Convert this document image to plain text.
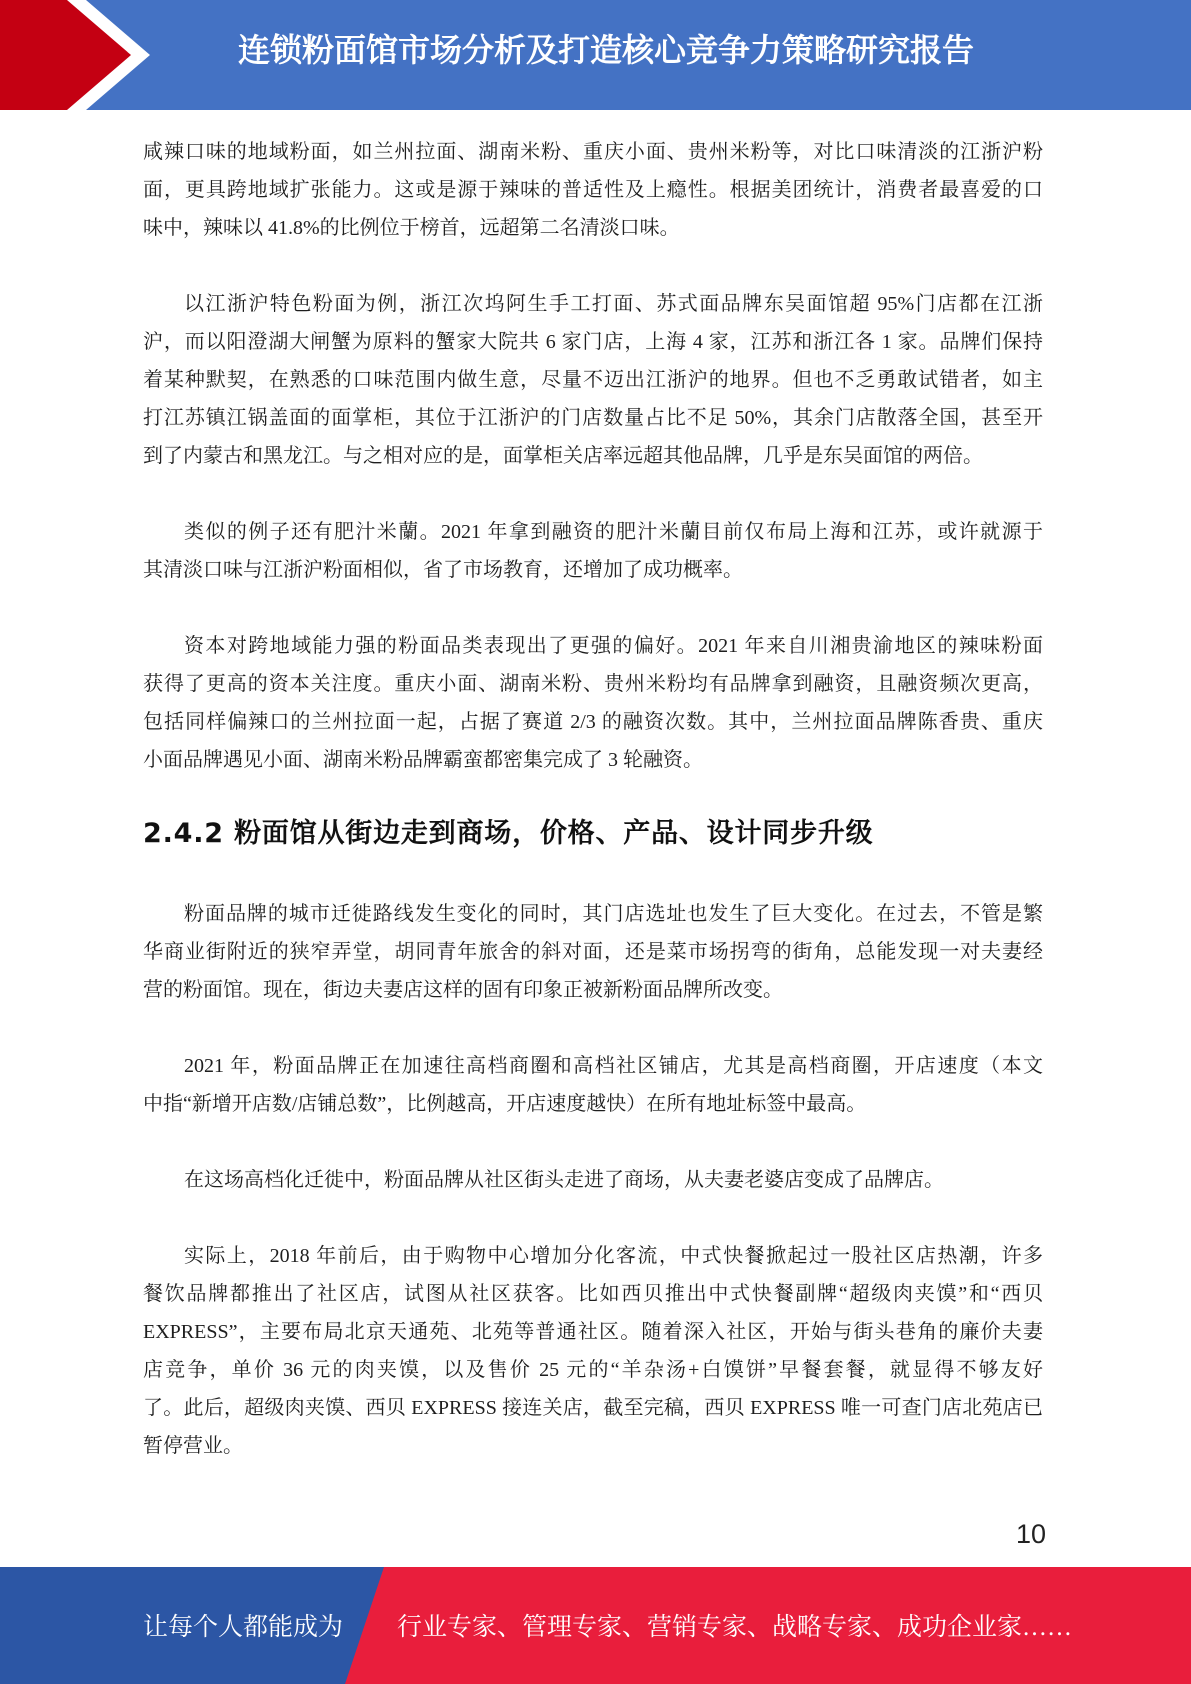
连锁粉面馆市场分析及打造核心竞争力策略研究报告
咸辣口味的地域粉面，如兰州拉面、湖南米粉、重庆小面、贵州米粉等，对比口味清淡的江浙沪粉
面，更具跨地域扩张能力。这或是源于辣味的普适性及上瘾性。根据美团统计，消费者最喜爱的口
味中，辣味以 41.8%的比例位于榜首，远超第二名清淡口味。
以江浙沪特色粉面为例，浙江次坞阿生手工打面、苏式面品牌东吴面馆超 95%门店都在江浙
沪，而以阳澄湖大闸蟹为原料的蟹家大院共 6 家门店，上海 4 家，江苏和浙江各 1 家。品牌们保持
着某种默契，在熟悉的口味范围内做生意，尽量不迈出江浙沪的地界。但也不乏勇敢试错者，如主
打江苏镇江锅盖面的面掌柜，其位于江浙沪的门店数量占比不足 50%，其余门店散落全国，甚至开
到了内蒙古和黑龙江。与之相对应的是，面掌柜关店率远超其他品牌，几乎是东吴面馆的两倍。
类似的例子还有肥汁米蘭。2021 年拿到融资的肥汁米蘭目前仅布局上海和江苏，或许就源于
其清淡口味与江浙沪粉面相似，省了市场教育，还增加了成功概率。
资本对跨地域能力强的粉面品类表现出了更强的偏好。2021 年来自川湘贵渝地区的辣味粉面
获得了更高的资本关注度。重庆小面、湖南米粉、贵州米粉均有品牌拿到融资，且融资频次更高，
包括同样偏辣口的兰州拉面一起，占据了赛道 2/3 的融资次数。其中，兰州拉面品牌陈香贵、重庆
小面品牌遇见小面、湖南米粉品牌霸蛮都密集完成了 3 轮融资。
2.4.2 粉面馆从街边走到商场，价格、产品、设计同步升级
粉面品牌的城市迁徙路线发生变化的同时，其门店选址也发生了巨大变化。在过去，不管是繁
华商业街附近的狭窄弄堂，胡同青年旅舍的斜对面，还是菜市场拐弯的街角，总能发现一对夫妻经
营的粉面馆。现在，街边夫妻店这样的固有印象正被新粉面品牌所改变。
2021 年，粉面品牌正在加速往高档商圈和高档社区铺店，尤其是高档商圈，开店速度（本文
中指“新增开店数/店铺总数”，比例越高，开店速度越快）在所有地址标签中最高。
在这场高档化迁徙中，粉面品牌从社区街头走进了商场，从夫妻老婆店变成了品牌店。
实际上，2018 年前后，由于购物中心增加分化客流，中式快餐掀起过一股社区店热潮，许多
餐饮品牌都推出了社区店，试图从社区获客。比如西贝推出中式快餐副牌“超级肉夹馍”和“西贝
EXPRESS”，主要布局北京天通苑、北苑等普通社区。随着深入社区，开始与街头巷角的廉价夫妻
店竞争，单价 36 元的肉夹馍，以及售价 25 元的“羊杂汤+白馍饼”早餐套餐，就显得不够友好
了。此后，超级肉夹馍、西贝 EXPRESS 接连关店，截至完稿，西贝 EXPRESS 唯一可查门店北苑店已
暂停营业。
10
让每个人都能成为 行业专家、管理专家、营销专家、战略专家、成功企业家……
